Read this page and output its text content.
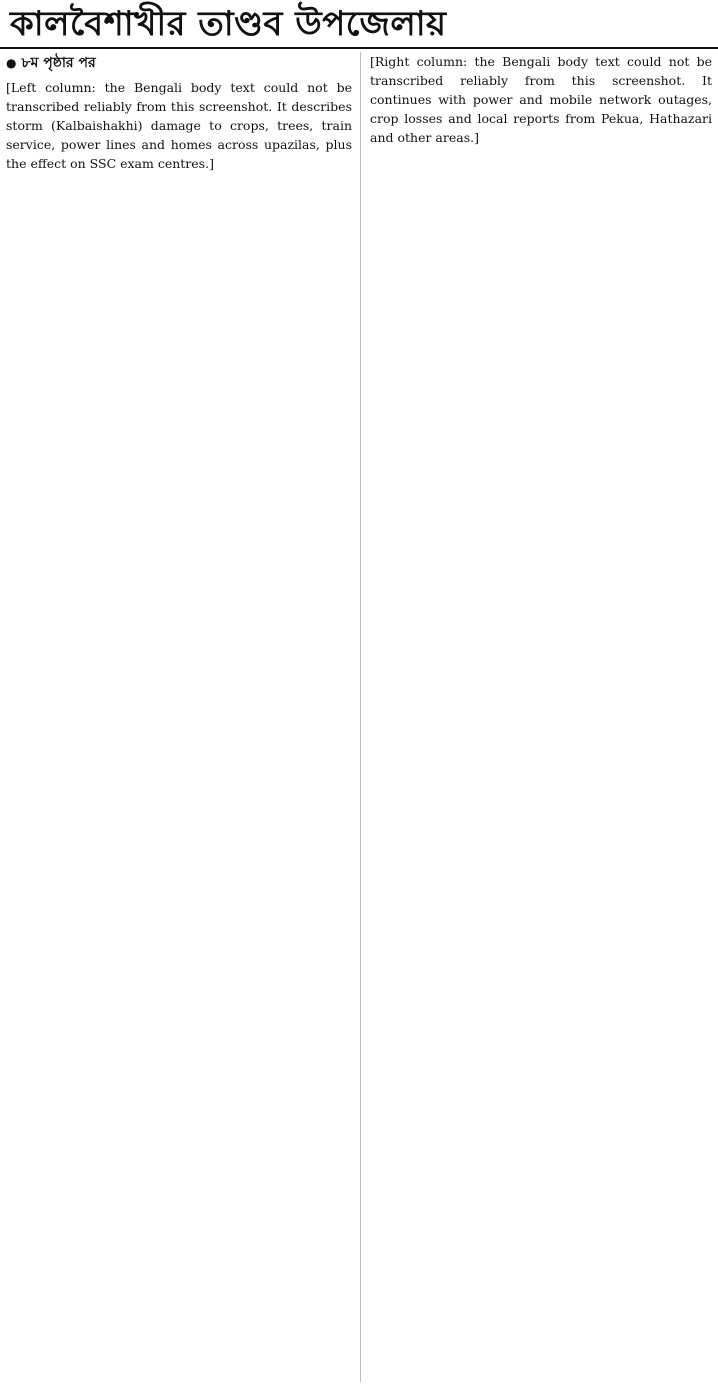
কালবৈশাখীর তাণ্ডব উপজেলায়

● ৮ম পৃষ্ঠার পর

[Left column: the Bengali body text could not be transcribed reliably from this screenshot. It describes storm (Kalbaishakhi) damage to crops, trees, train service, power lines and homes across upazilas, plus the effect on SSC exam centres.]

[Right column: the Bengali body text could not be transcribed reliably from this screenshot. It continues with power and mobile network outages, crop losses and local reports from Pekua, Hathazari and other areas.]
